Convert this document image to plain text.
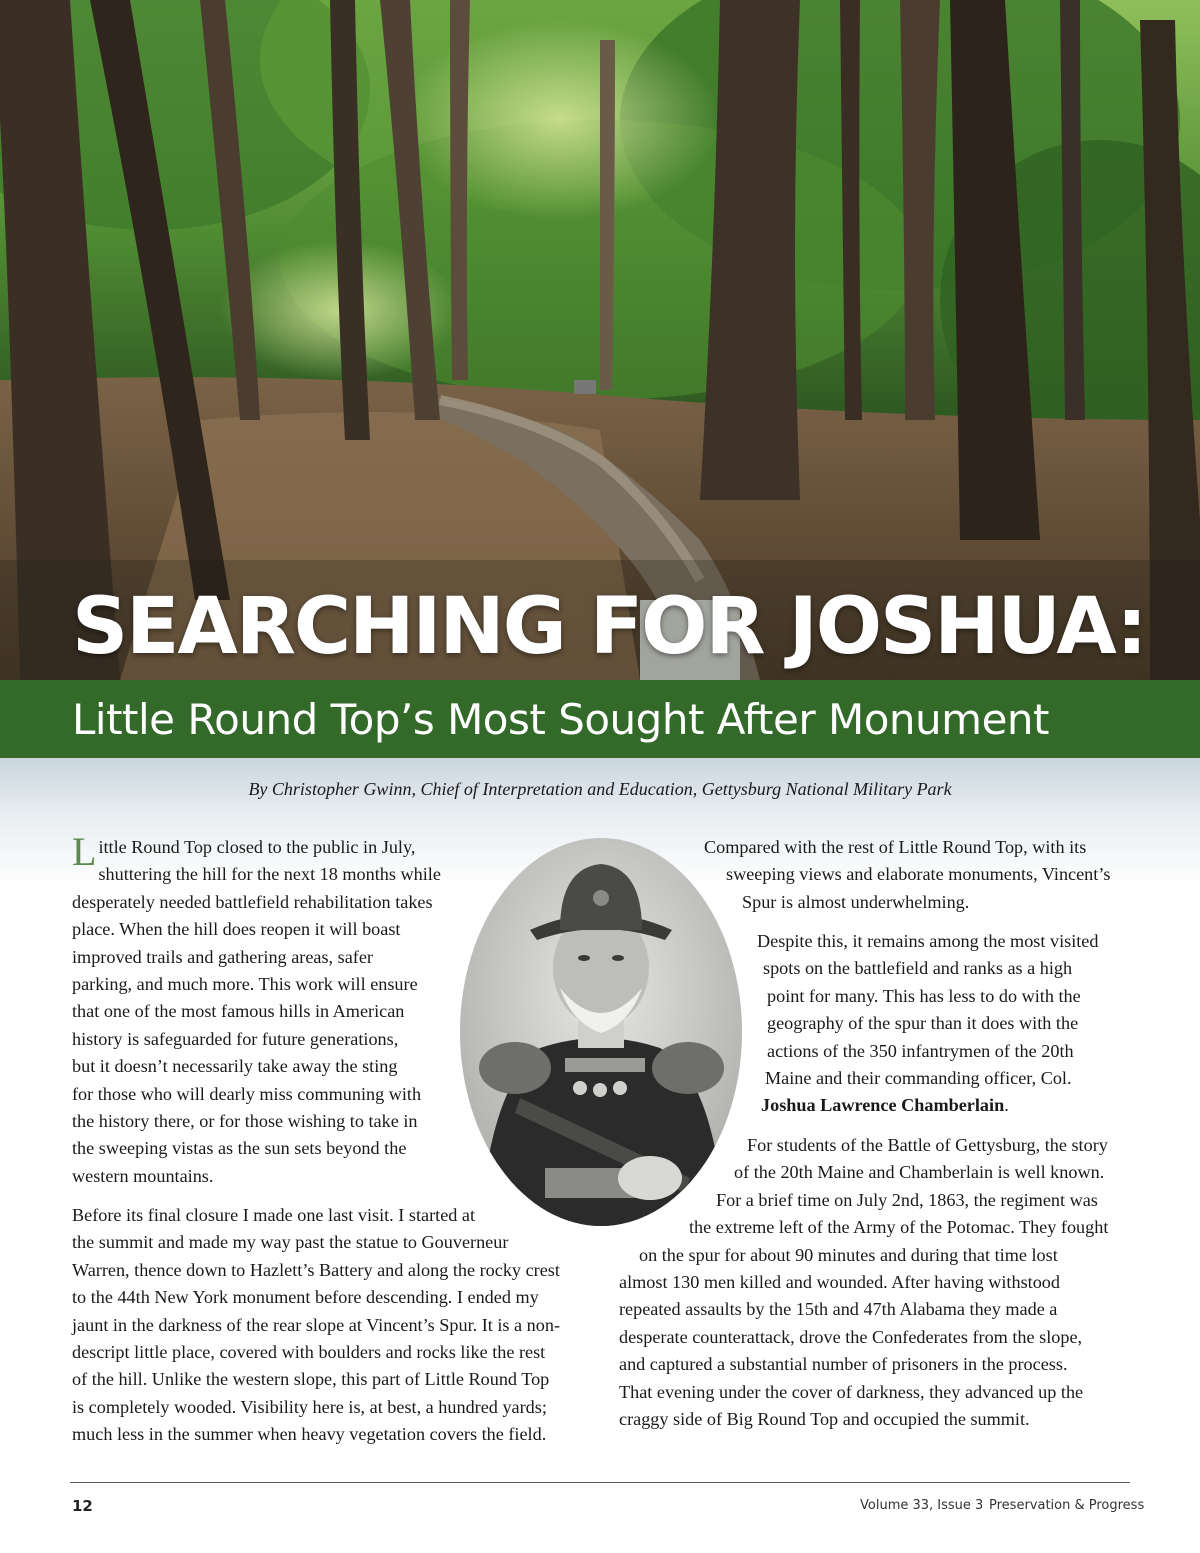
SEARCHING FOR JOSHUA:
Little Round Top’s Most Sought After Monument
By Christopher Gwinn, Chief of Interpretation and Education, Gettysburg National Military Park

L ittle Round Top closed to the public in July,
shuttering the hill for the next 18 months while
desperately needed battlefield rehabilitation takes
place. When the hill does reopen it will boast
improved trails and gathering areas, safer
parking, and much more. This work will ensure
that one of the most famous hills in American
history is safeguarded for future generations,
but it doesn’t necessarily take away the sting
for those who will dearly miss communing with
the history there, or for those wishing to take in
the sweeping vistas as the sun sets beyond the
western mountains.

Before its final closure I made one last visit. I started at
the summit and made my way past the statue to Gouverneur
Warren, thence down to Hazlett’s Battery and along the rocky crest
to the 44th New York monument before descending. I ended my
jaunt in the darkness of the rear slope at Vincent’s Spur. It is a non-
descript little place, covered with boulders and rocks like the rest
of the hill. Unlike the western slope, this part of Little Round Top
is completely wooded. Visibility here is, at best, a hundred yards;
much less in the summer when heavy vegetation covers the field.

Compared with the rest of Little Round Top, with its
sweeping views and elaborate monuments, Vincent’s
Spur is almost underwhelming.

Despite this, it remains among the most visited
spots on the battlefield and ranks as a high
point for many. This has less to do with the
geography of the spur than it does with the
actions of the 350 infantrymen of the 20th
Maine and their commanding officer, Col.
Joshua Lawrence Chamberlain.

For students of the Battle of Gettysburg, the story
of the 20th Maine and Chamberlain is well known.
For a brief time on July 2nd, 1863, the regiment was
the extreme left of the Army of the Potomac. They fought
on the spur for about 90 minutes and during that time lost
almost 130 men killed and wounded. After having withstood
repeated assaults by the 15th and 47th Alabama they made a
desperate counterattack, drove the Confederates from the slope,
and captured a substantial number of prisoners in the process.
That evening under the cover of darkness, they advanced up the
craggy side of Big Round Top and occupied the summit.

12	Volume 33, Issue 3 Preservation & Progress
